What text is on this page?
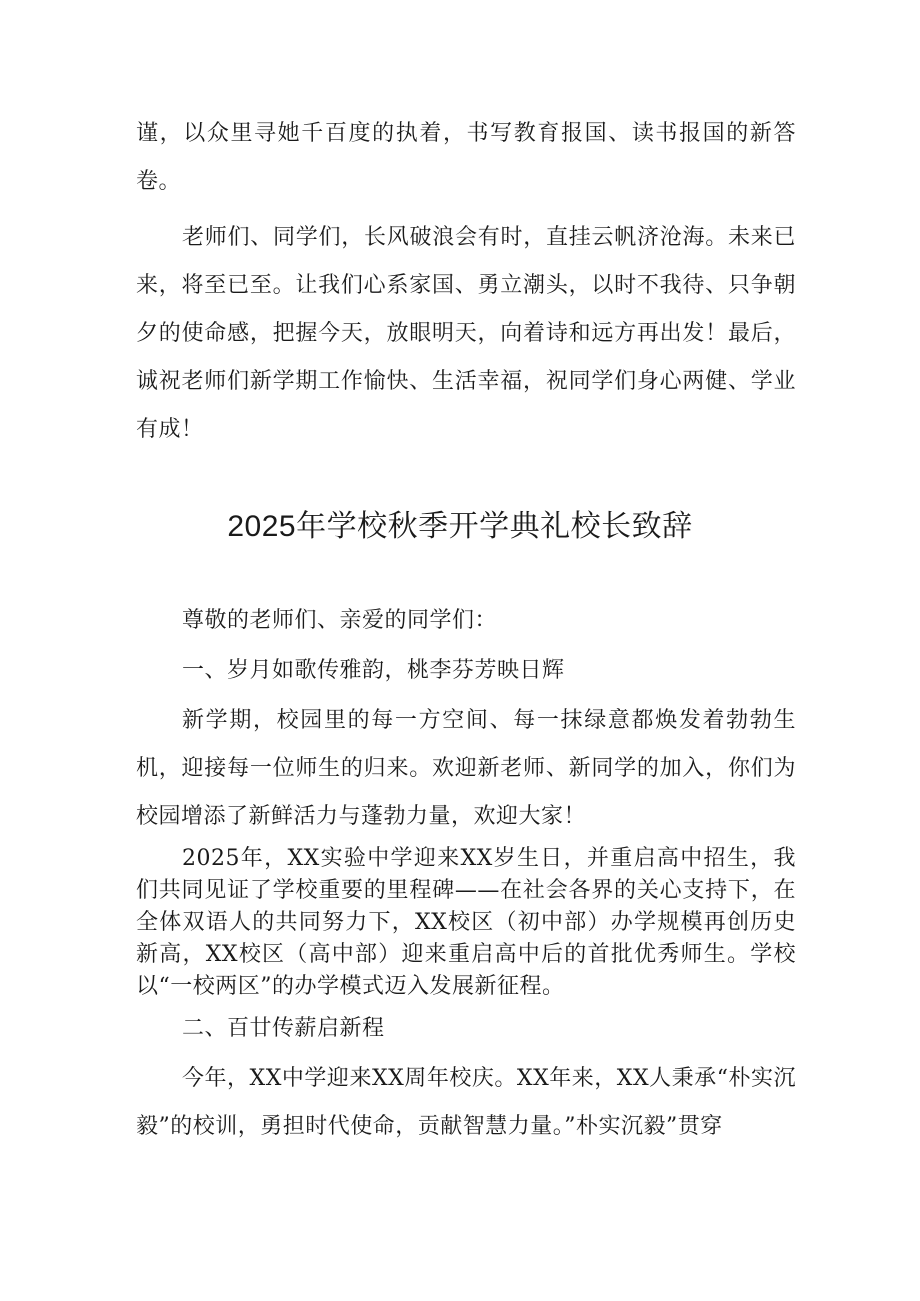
谨，以众里寻她千百度的执着，书写教育报国、读书报国的新答卷。

老师们、同学们，长风破浪会有时，直挂云帆济沧海。未来已来，将至已至。让我们心系家国、勇立潮头，以时不我待、只争朝夕的使命感，把握今天，放眼明天，向着诗和远方再出发！最后，诚祝老师们新学期工作愉快、生活幸福，祝同学们身心两健、学业有成！

2025年学校秋季开学典礼校长致辞

尊敬的老师们、亲爱的同学们：

一、岁月如歌传雅韵，桃李芬芳映日辉

新学期，校园里的每一方空间、每一抹绿意都焕发着勃勃生机，迎接每一位师生的归来。欢迎新老师、新同学的加入，你们为校园增添了新鲜活力与蓬勃力量，欢迎大家！

2025年，XX实验中学迎来XX岁生日，并重启高中招生，我们共同见证了学校重要的里程碑——在社会各界的关心支持下，在全体双语人的共同努力下，XX校区（初中部）办学规模再创历史新高，XX校区（高中部）迎来重启高中后的首批优秀师生。学校以“一校两区”的办学模式迈入发展新征程。

二、百廿传薪启新程

今年，XX中学迎来XX周年校庆。XX年来，XX人秉承“朴实沉毅”的校训，勇担时代使命，贡献智慧力量。”朴实沉毅”贯穿
